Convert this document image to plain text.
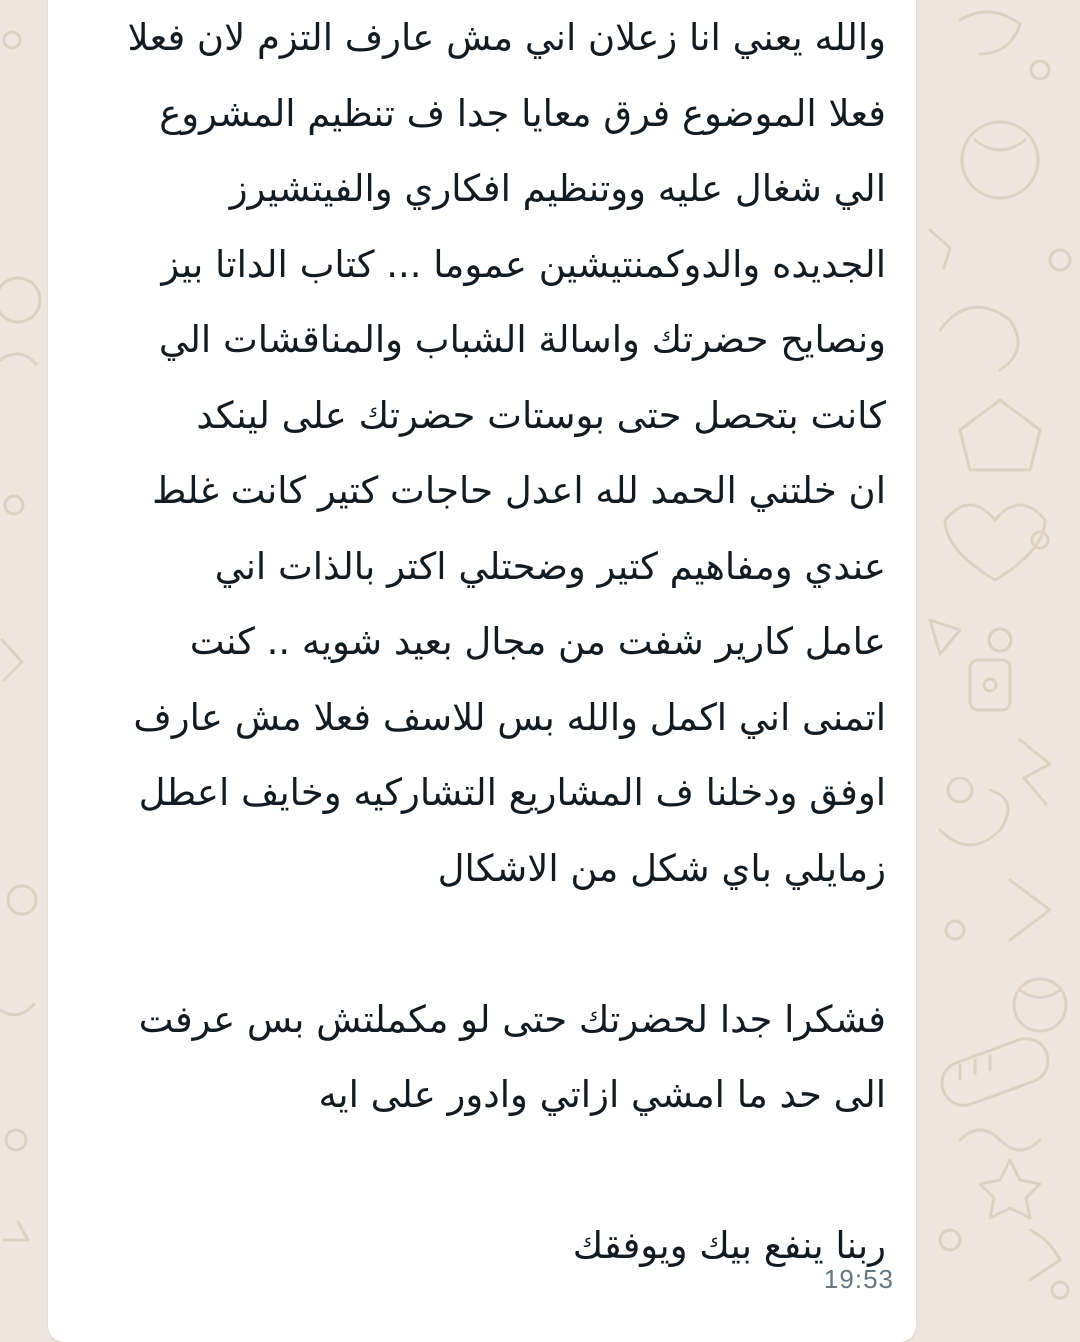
والله يعني انا زعلان اني مش عارف التزم لان فعلا
فعلا الموضوع فرق معايا جدا ف تنظيم المشروع
الي شغال عليه ووتنظيم افكاري والفيتشيرز
الجديده والدوكمنتيشين عموما ... كتاب الداتا بيز
ونصايح حضرتك واسالة الشباب والمناقشات الي
كانت بتحصل حتى بوستات حضرتك على لينكد
ان خلتني الحمد لله اعدل حاجات كتير كانت غلط
عندي ومفاهيم كتير وضحتلي اكتر بالذات اني
عامل كارير شفت من مجال بعيد شويه .. كنت
اتمنى اني اكمل والله بس للاسف فعلا مش عارف
اوفق ودخلنا ف المشاريع التشاركيه وخايف اعطل
زمايلي باي شكل من الاشكال

فشكرا جدا لحضرتك حتى لو مكملتش بس عرفت
الى حد ما امشي ازاتي وادور على ايه

ربنا ينفع بيك ويوفقك

19:53
